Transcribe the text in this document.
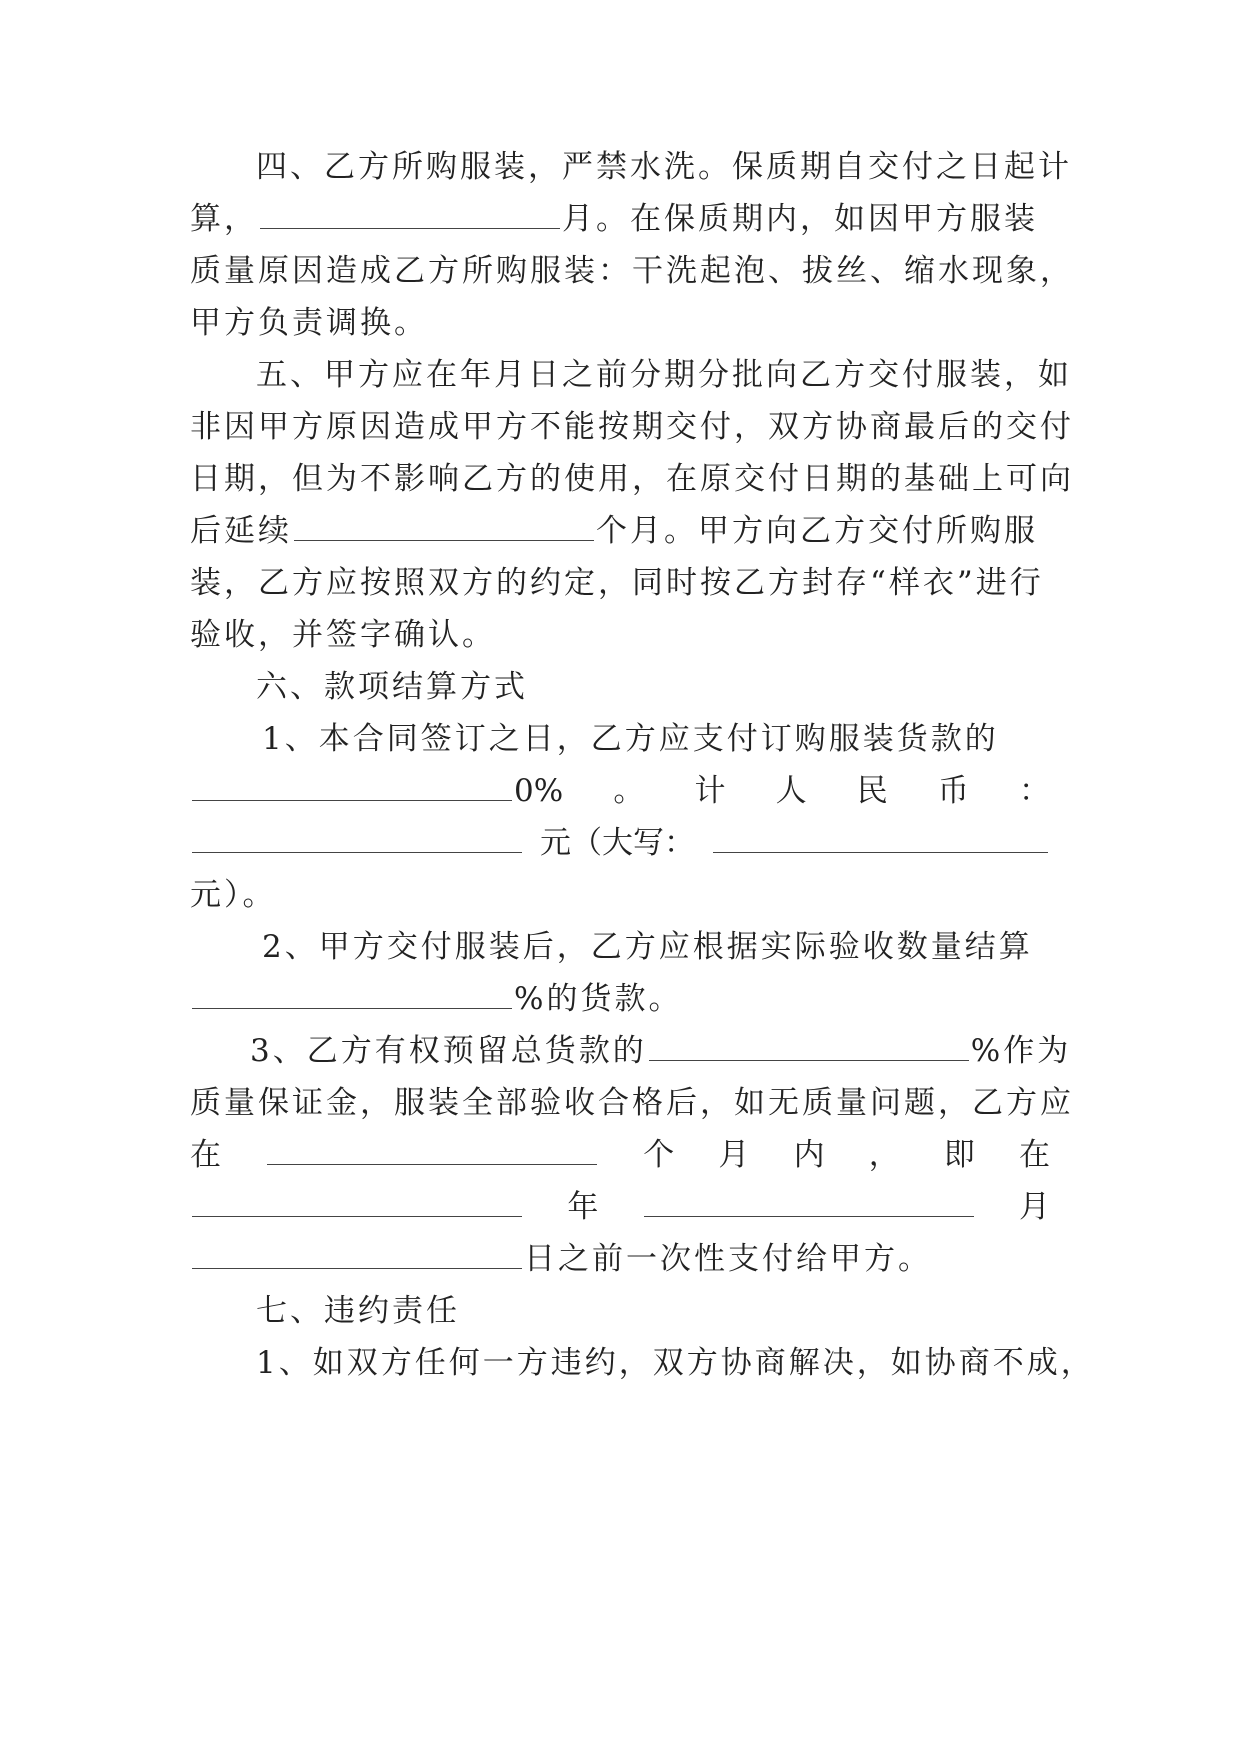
四、乙方所购服装，严禁水洗。保质期自交付之日起计
算，	月。在保质期内，如因甲方服装
质量原因造成乙方所购服装：干洗起泡、拔丝、缩水现象，
甲方负责调换。
五、甲方应在年月日之前分期分批向乙方交付服装，如
非因甲方原因造成甲方不能按期交付，双方协商最后的交付
日期，但为不影响乙方的使用，在原交付日期的基础上可向
后延续	个月。甲方向乙方交付所购服
装，乙方应按照双方的约定，同时按乙方封存“样衣”进行
验收，并签字确认。
六、款项结算方式
1、本合同签订之日，乙方应支付订购服装货款的
0% 。 计 人 民 币 ：
元（大写：
元）。
2、甲方交付服装后，乙方应根据实际验收数量结算
%的货款。
3、乙方有权预留总货款的	%作为
质量保证金，服装全部验收合格后，如无质量问题，乙方应
在	个 月 内 ， 即 在
年	月
日之前一次性支付给甲方。
七、违约责任
1、如双方任何一方违约，双方协商解决，如协商不成，
